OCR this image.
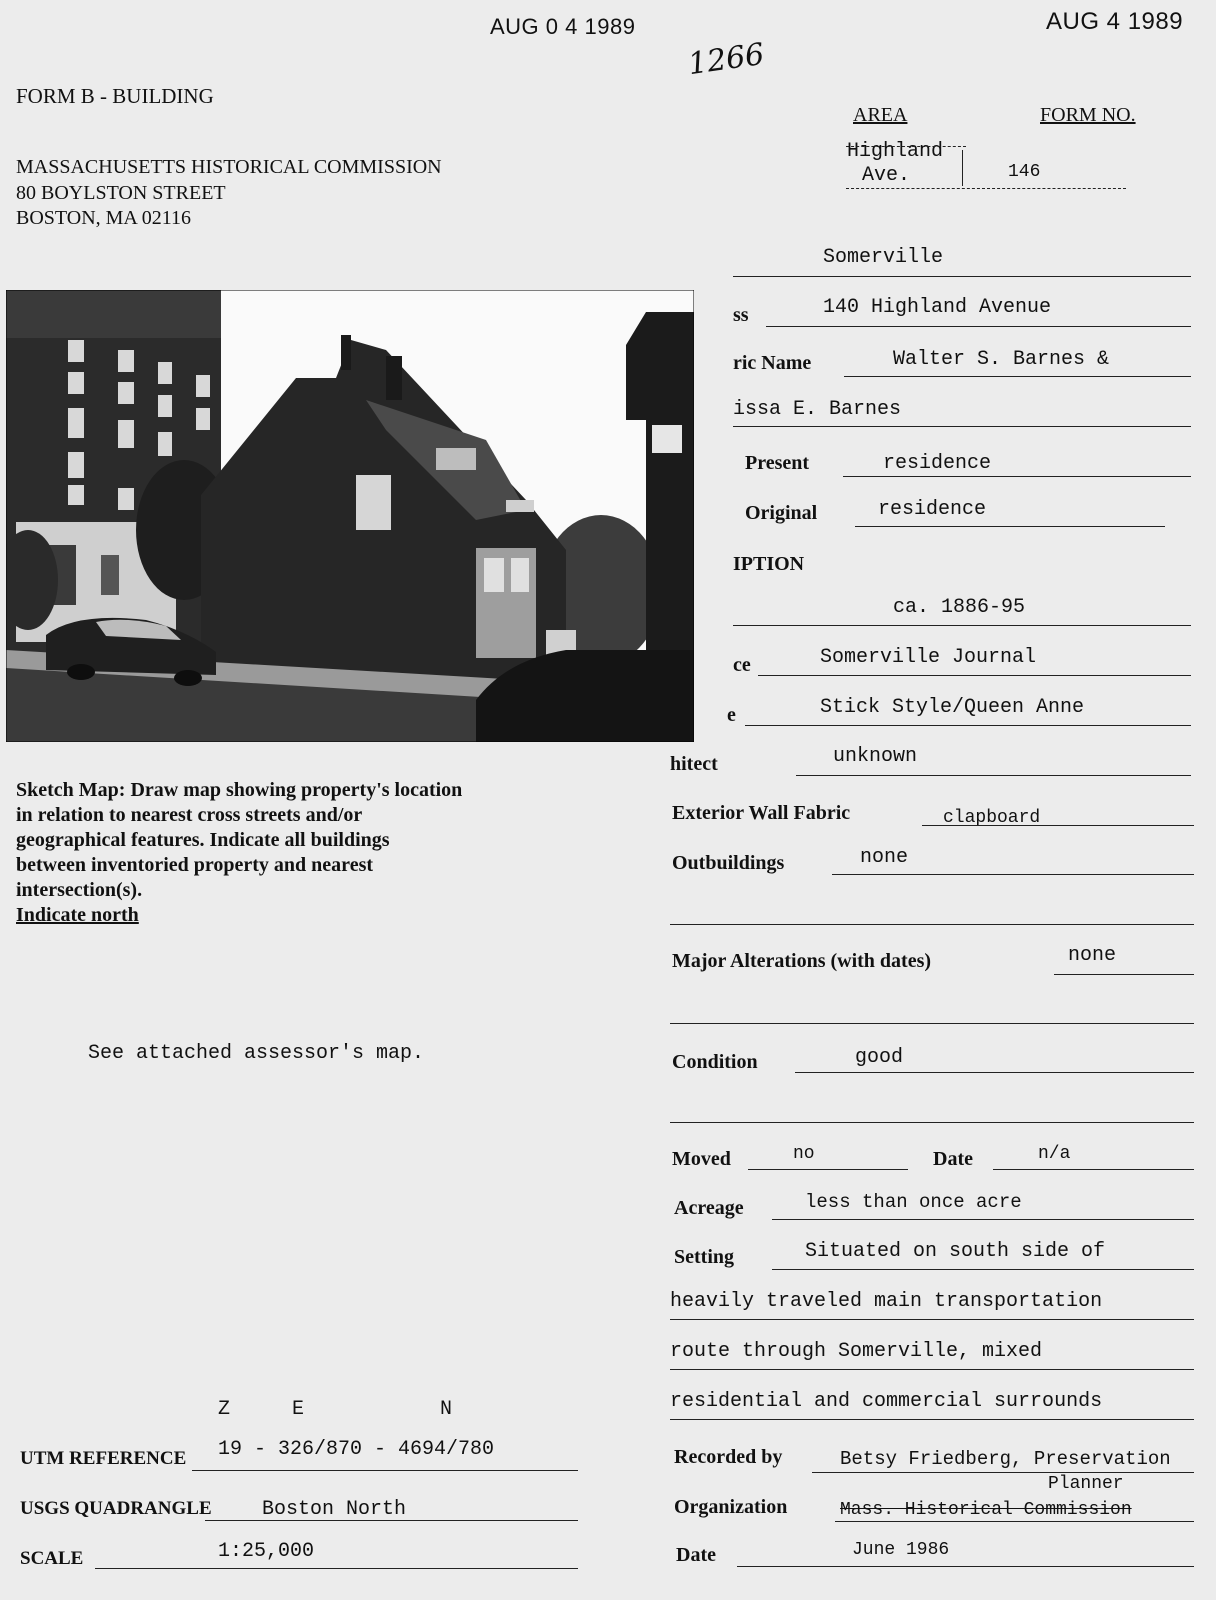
AUG 0 4 1989	AUG 4 1989
1266
FORM B - BUILDING
MASSACHUSETTS HISTORICAL COMMISSION
80 BOYLSTON STREET
BOSTON, MA 02116
AREA	FORM NO.
Highland
Ave.	146
Somerville
ss	140 Highland Avenue
ric Name	Walter S. Barnes &
issa E. Barnes
Present	residence
Original	residence
IPTION
ca. 1886-95
ce	Somerville Journal
e	Stick Style/Queen Anne
hitect	unknown
Exterior Wall Fabric	clapboard
Outbuildings	none
Major Alterations (with dates)	none
Condition	good
Moved	no	Date	n/a
Acreage	less than once acre
Setting	Situated on south side of
heavily traveled main transportation
route through Somerville, mixed
residential and commercial surrounds
Recorded by	Betsy Friedberg, Preservation
Planner
Organization	Mass. Historical Commission
Date	June 1986
Sketch Map: Draw map showing property's location
in relation to nearest cross streets and/or
geographical features. Indicate all buildings
between inventoried property and nearest
intersection(s).
Indicate north
See attached assessor's map.
Z	E	N
UTM REFERENCE 19 - 326/870 - 4694/780
USGS QUADRANGLE	Boston North
SCALE	1:25,000
